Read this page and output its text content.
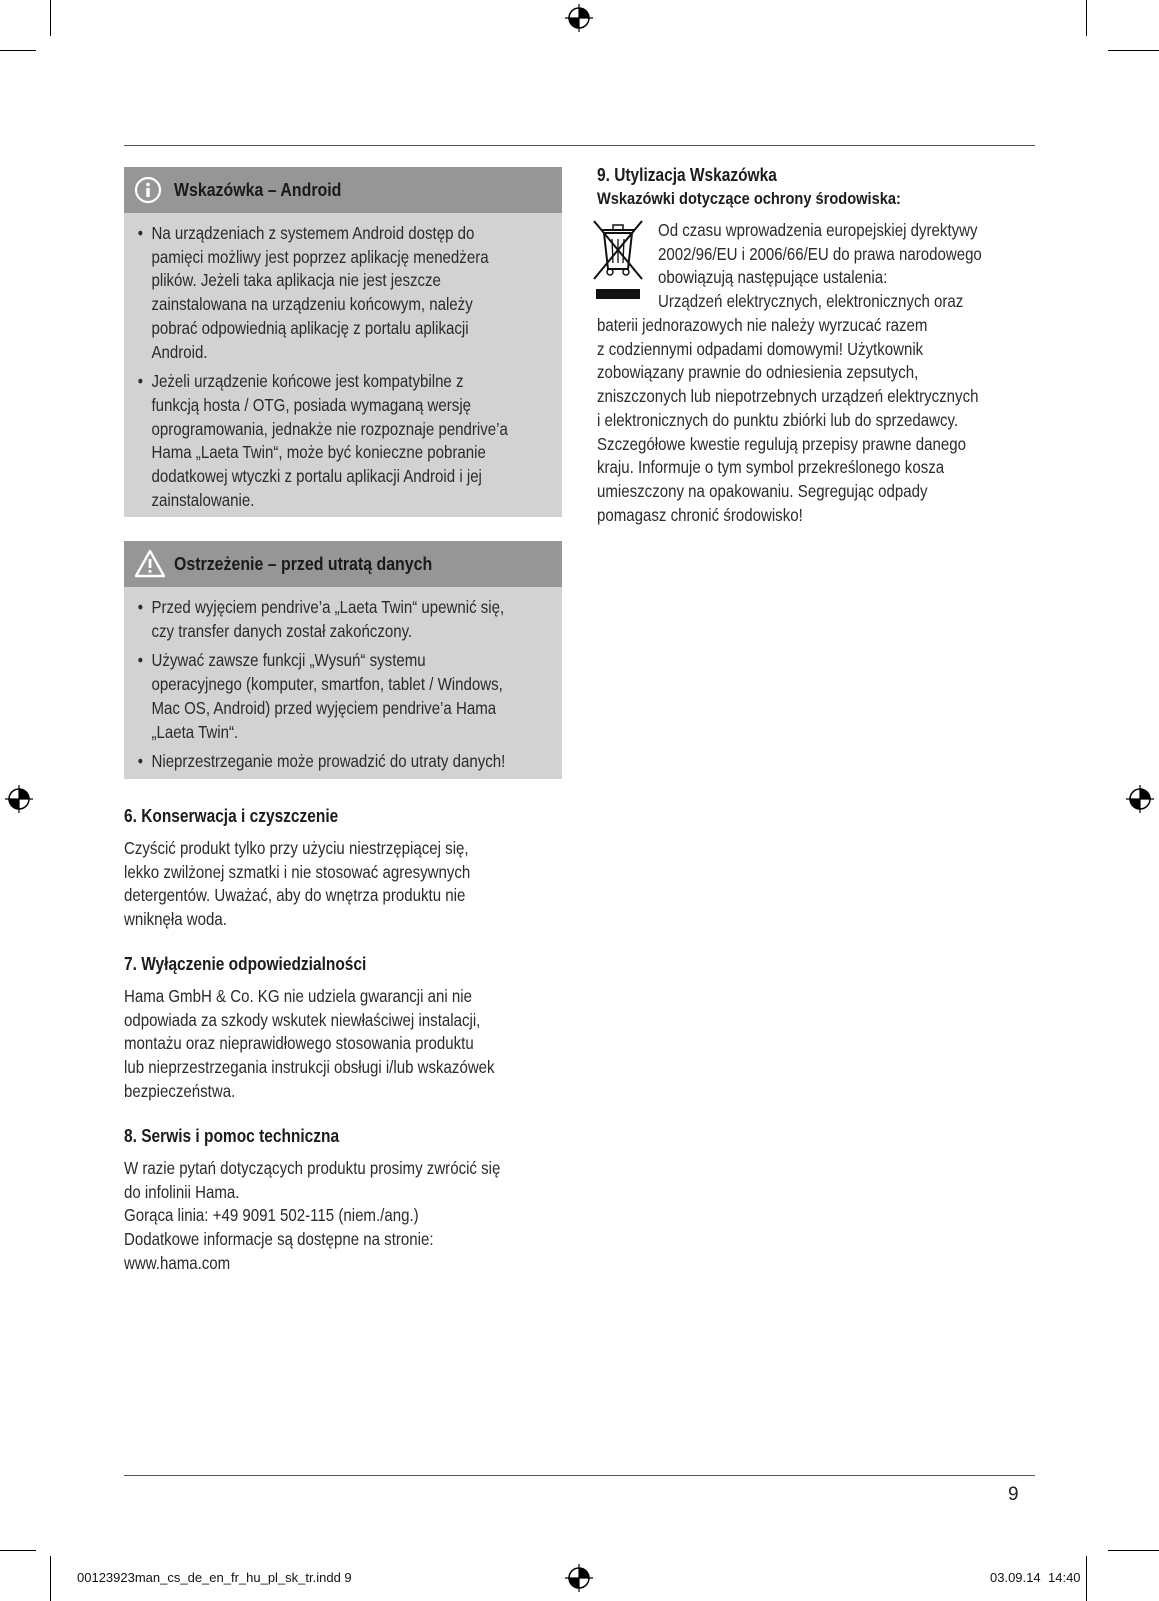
Wskazówka – Android
• Na urządzeniach z systemem Android dostęp do
pamięci możliwy jest poprzez aplikację menedżera
plików. Jeżeli taka aplikacja nie jest jeszcze
zainstalowana na urządzeniu końcowym, należy
pobrać odpowiednią aplikację z portalu aplikacji
Android.
• Jeżeli urządzenie końcowe jest kompatybilne z
funkcją hosta / OTG, posiada wymaganą wersję
oprogramowania, jednakże nie rozpoznaje pendrive’a
Hama „Laeta Twin“, może być konieczne pobranie
dodatkowej wtyczki z portalu aplikacji Android i jej
zainstalowanie.
Ostrzeżenie – przed utratą danych
• Przed wyjęciem pendrive’a „Laeta Twin“ upewnić się,
czy transfer danych został zakończony.
• Używać zawsze funkcji „Wysuń“ systemu
operacyjnego (komputer, smartfon, tablet / Windows,
Mac OS, Android) przed wyjęciem pendrive’a Hama
„Laeta Twin“.
• Nieprzestrzeganie może prowadzić do utraty danych!
6. Konserwacja i czyszczenie
Czyścić produkt tylko przy użyciu niestrzępiącej się,
lekko zwilżonej szmatki i nie stosować agresywnych
detergentów. Uważać, aby do wnętrza produktu nie
wniknęła woda.
7. Wyłączenie odpowiedzialności
Hama GmbH & Co. KG nie udziela gwarancji ani nie
odpowiada za szkody wskutek niewłaściwej instalacji,
montażu oraz nieprawidłowego stosowania produktu
lub nieprzestrzegania instrukcji obsługi i/lub wskazówek
bezpieczeństwa.
8. Serwis i pomoc techniczna
W razie pytań dotyczących produktu prosimy zwrócić się
do infolinii Hama.
Gorąca linia: +49 9091 502-115 (niem./ang.)
Dodatkowe informacje są dostępne na stronie:
www.hama.com
9. Utylizacja Wskazówka
Wskazówki dotyczące ochrony środowiska:
Od czasu wprowadzenia europejskiej dyrektywy
2002/96/EU i 2006/66/EU do prawa narodowego
obowiązują następujące ustalenia:
Urządzeń elektrycznych, elektronicznych oraz
baterii jednorazowych nie należy wyrzucać razem
z codziennymi odpadami domowymi! Użytkownik
zobowiązany prawnie do odniesienia zepsutych,
zniszczonych lub niepotrzebnych urządzeń elektrycznych
i elektronicznych do punktu zbiórki lub do sprzedawcy.
Szczegółowe kwestie regulują przepisy prawne danego
kraju. Informuje o tym symbol przekreślonego kosza
umieszczony na opakowaniu. Segregując odpady
pomagasz chronić środowisko!
9
00123923man_cs_de_en_fr_hu_pl_sk_tr.indd 9	03.09.14 14:40
